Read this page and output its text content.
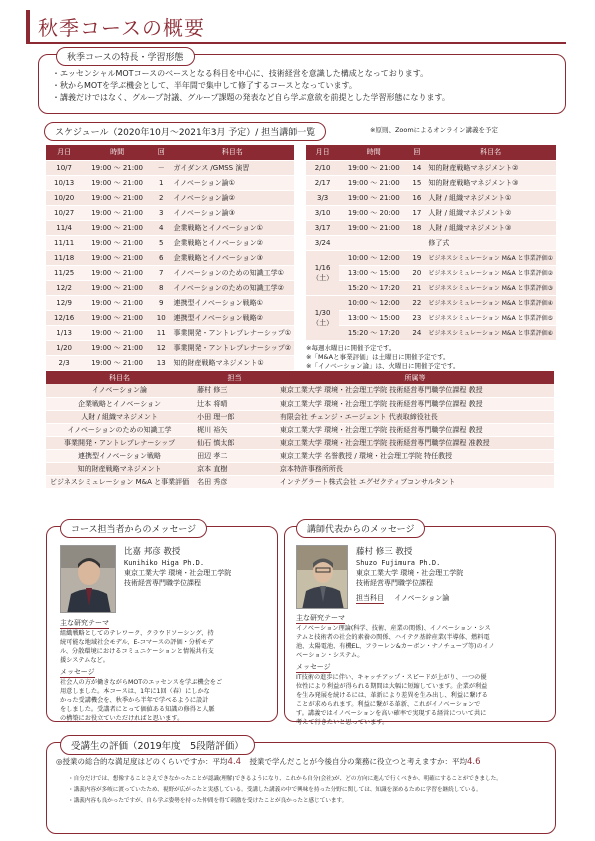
秋季コースの概要
秋季コースの特長・学習形態
・エッセンシャルMOTコースのベースとなる科目を中心に、技術経営を意識した構成となっております。
・秋からMOTを学ぶ機会として、半年間で集中して修了するコースとなっています。
・講義だけではなく、グループ討議、グループ課題の発表など自ら学ぶ意欲を前提とした学習形態になります。
スケジュール（2020年10月～2021年3月 予定）/ 担当講師一覧	※原則、Zoomによるオンライン講義を予定
月日	時間	回	科目名
10/7	19:00 ～ 21:00	－	ガイダンス /GMSS 演習
10/13	19:00 ～ 21:00	1	イノベーション論①
10/20	19:00 ～ 21:00	2	イノベーション論②
10/27	19:00 ～ 21:00	3	イノベーション論③
11/4	19:00 ～ 21:00	4	企業戦略とイノベーション①
11/11	19:00 ～ 21:00	5	企業戦略とイノベーション②
11/18	19:00 ～ 21:00	6	企業戦略とイノベーション③
11/25	19:00 ～ 21:00	7	イノベーションのための知識工学①
12/2	19:00 ～ 21:00	8	イノベーションのための知識工学②
12/9	19:00 ～ 21:00	9	連携型イノベーション戦略①
12/16	19:00 ～ 21:00	10	連携型イノベーション戦略②
1/13	19:00 ～ 21:00	11	事業開発・アントレプレナーシップ①
1/20	19:00 ～ 21:00	12	事業開発・アントレプレナーシップ②
2/3	19:00 ～ 21:00	13	知的財産戦略マネジメント①
月日	時間	回	科目名
2/10	19:00 ～ 21:00	14	知的財産戦略マネジメント②
2/17	19:00 ～ 21:00	15	知的財産戦略マネジメント③
3/3	19:00 ～ 21:00	16	人財 / 組織マネジメント①
3/10	19:00 ～ 20:00	17	人財 / 組織マネジメント②
3/17	19:00 ～ 21:00	18	人財 / 組織マネジメント③
3/24			修了式

1/16
（土）	10:00 ～ 12:00	19	ビジネスシミュレーション M&A と事業評価①
	13:00 ～ 15:00	20	ビジネスシミュレーション M&A と事業評価②
	15:20 ～ 17:20	21	ビジネスシミュレーション M&A と事業評価③

1/30
（土）	10:00 ～ 12:00	22	ビジネスシミュレーション M&A と事業評価④
	13:00 ～ 15:00	23	ビジネスシミュレーション M&A と事業評価⑤
	15:20 ～ 17:20	24	ビジネスシミュレーション M&A と事業評価⑥
※毎週水曜日に開催予定です。
※「M&Aと事業評価」は土曜日に開催予定です。
※「イノベーション論」は、火曜日に開催予定です。
科目名	担当	所属等
イノベーション論	藤村 修三	東京工業大学 環境・社会理工学院 技術経営専門職学位課程 教授
企業戦略とイノベーション	辻本 将晴	東京工業大学 環境・社会理工学院 技術経営専門職学位課程 教授
人財 / 組織マネジメント	小田 理一郎	有限会社 チェンジ・エージェント 代表取締役社長
イノベーションのための知識工学	梶川 裕矢	東京工業大学 環境・社会理工学院 技術経営専門職学位課程 教授
事業開発・アントレプレナーシップ	仙石 慎太郎	東京工業大学 環境・社会理工学院 技術経営専門職学位課程 准教授
連携型イノベーション戦略	田辺 孝二	東京工業大学 名誉教授 / 環境・社会理工学院 特任教授
知的財産戦略マネジメント	京本 直樹	京本特許事務所所長
ビジネスシミュレーション M&A と事業評価	名田 秀彦	インテグラート株式会社 エグゼクティブコンサルタント
コース担当者からのメッセージ
比嘉 邦彦 教授
Kunihiko Higa Ph.D.
東京工業大学 環境・社会理工学院
技術経営専門職学位課程
主な研究テーマ
組織戦略としてのテレワーク、クラウドソーシング、持
続可能な地域社会モデル、E-コマースの評価・分析モデ
ル、分散環境におけるコミュニケーションと情報共有支
援システムなど。
メッセージ
社会人の方が働きながらMOTのエッセンスを学ぶ機会をご
用意しました。本コースは、1年に1回（春）にしかな
かった受講機会を、秋季から半年で学べるように設計
をしました。受講者にとって価値ある知識の修得と人脈
の構築にお役立ていただければと思います。
講師代表からのメッセージ
藤村 修三 教授
Shuzo Fujimura Ph.D.
東京工業大学 環境・社会理工学院
技術経営専門職学位課程
担当科目 イノベーション論
主な研究テーマ
イノベーション理論(科学、技術、産業の関係)、イノベーション・シス
テムと技術者の社会的素養の関係、ハイテク基幹産業(半導体、燃料電
池、太陽電池、有機EL、フラーレン&カーボン・ナノチューブ等)のイノ
ベーション・システム。
メッセージ
IT技術の進歩に伴い、キャッチアップ・スピードが上がり、一つの優
位性により利益が得られる期間は大幅に短縮しています。企業が利益
を生み発展を続けるには、革新により差異を生み出し、利益に繋げる
ことが求められます。利益に繋がる革新、これがイノベーションで
す。講義ではイノベーションを高い確率で実現する経営について共に
考えて行きたいと思っています。
受講生の評価（2019年度　5段階評価）
◎授業の総合的な満足度はどのくらいですか：平均4.4 授業で学んだことが今後自分の業務に役立つと考えますか：平均4.6
・自分だけでは、想像することさえできなかったことが認識(理解)できるようになり、これから自分(会社)が、どの方向に進んで行くべきか、明確にすることができました。
・講義内容が多岐に渡っていたため、視野が広がったと実感している。受講した講義の中で興味を持った分野に関しては、知識を深めるために学習を継続している。
・講義内容も良かったですが、自ら学ぶ姿勢を持った仲間を得て刺激を受けたことが良かったと感じています。
